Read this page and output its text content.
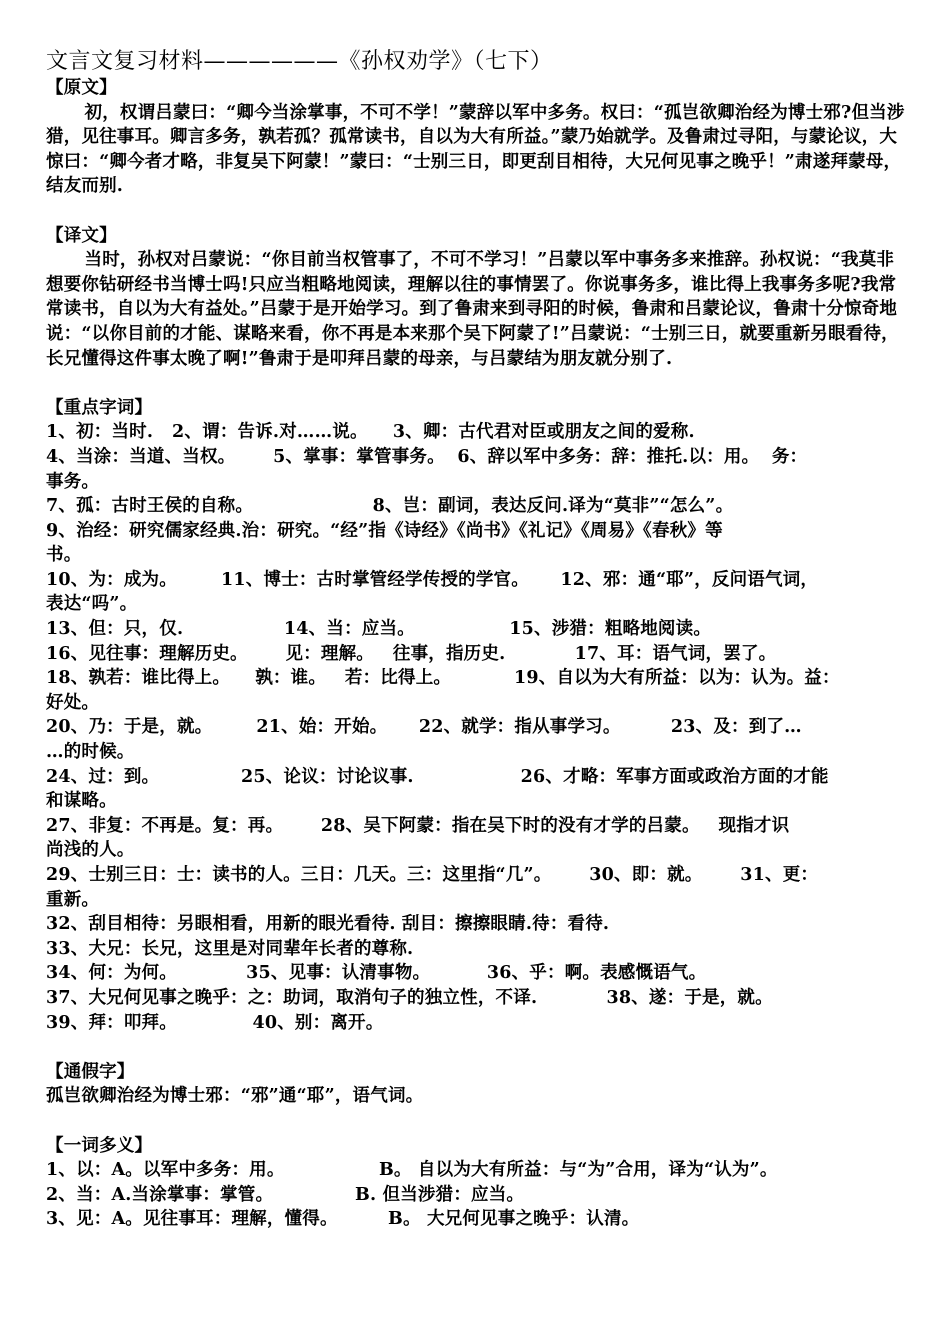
文言文复习材料——————《孙权劝学》（七下）

【原文】

初，权谓吕蒙曰：“卿今当涂掌事，不可不学！”蒙辞以军中多务。权曰：“孤岂欲卿治经为博士邪?但当涉猎，见往事耳。卿言多务，孰若孤？孤常读书，自以为大有所益。”蒙乃始就学。及鲁肃过寻阳，与蒙论议，大惊曰：“卿今者才略，非复吴下阿蒙！”蒙曰：“士别三日，即更刮目相待，大兄何见事之晚乎！”肃遂拜蒙母，结友而别.

【译文】

当时，孙权对吕蒙说：“你目前当权管事了，不可不学习！”吕蒙以军中事务多来推辞。孙权说：“我莫非想要你钻研经书当博士吗!只应当粗略地阅读，理解以往的事情罢了。你说事务多，谁比得上我事务多呢?我常常读书，自以为大有益处。”吕蒙于是开始学习。到了鲁肃来到寻阳的时候，鲁肃和吕蒙论议，鲁肃十分惊奇地说：“以你目前的才能、谋略来看，你不再是本来那个吴下阿蒙了!”吕蒙说：“士别三日，就要重新另眼看待，长兄懂得这件事太晚了啊!”鲁肃于是叩拜吕蒙的母亲，与吕蒙结为朋友就分别了.

【重点字词】

1、初：当时.   2、谓：告诉.对……说。    3、卿：古代君对臣或朋友之间的爱称.
4、当涂：当道、当权。      5、掌事：掌管事务。  6、辞以军中多务：辞：推托.以：用。  务：
事务。
7、孤：古时王侯的自称。                   8、岂：副词，表达反问.译为“莫非”“怎么”。
9、治经：研究儒家经典.治：研究。“经”指《诗经》《尚书》《礼记》《周易》《春秋》等
书。
10、为：成为。       11、博士：古时掌管经学传授的学官。     12、邪：通“耶”，反问语气词，
表达“吗”。
13、但：只，仅.                14、当：应当。               15、涉猎：粗略地阅读。
16、见往事：理解历史。      见：理解。   往事，指历史.           17、耳：语气词，罢了。
18、孰若：谁比得上。    孰：谁。   若：比得上。          19、自以为大有所益：以为：认为。益：
好处。
20、乃：于是，就。       21、始：开始。     22、就学：指从事学习。        23、及：到了…
…的时候。
24、过：到。             25、论议：讨论议事.                 26、才略：军事方面或政治方面的才能
和谋略。
27、非复：不再是。复：再。      28、吴下阿蒙：指在吴下时的没有才学的吕蒙。   现指才识
尚浅的人。
29、士别三日：士：读书的人。三日：几天。三：这里指“几”。      30、即：就。      31、更：
重新。
32、刮目相待：另眼相看，用新的眼光看待. 刮目：擦擦眼睛.待：看待.
33、大兄：长兄，这里是对同辈年长者的尊称.
34、何：为何。           35、见事：认清事物。         36、乎：啊。表感慨语气。
37、大兄何见事之晚乎：之：助词，取消句子的独立性，不译.           38、遂：于是，就。
39、拜：叩拜。            40、别：离开。

【通假字】

孤岂欲卿治经为博士邪：“邪”通“耶”，语气词。

【一词多义】

1、以：A。以军中多务：用。               B。 自以为大有所益：与“为”合用，译为“认为”。
2、当：A.当涂掌事：掌管。             B. 但当涉猎：应当。
3、见：A。见往事耳：理解，懂得。        B。 大兄何见事之晚乎：认清。
